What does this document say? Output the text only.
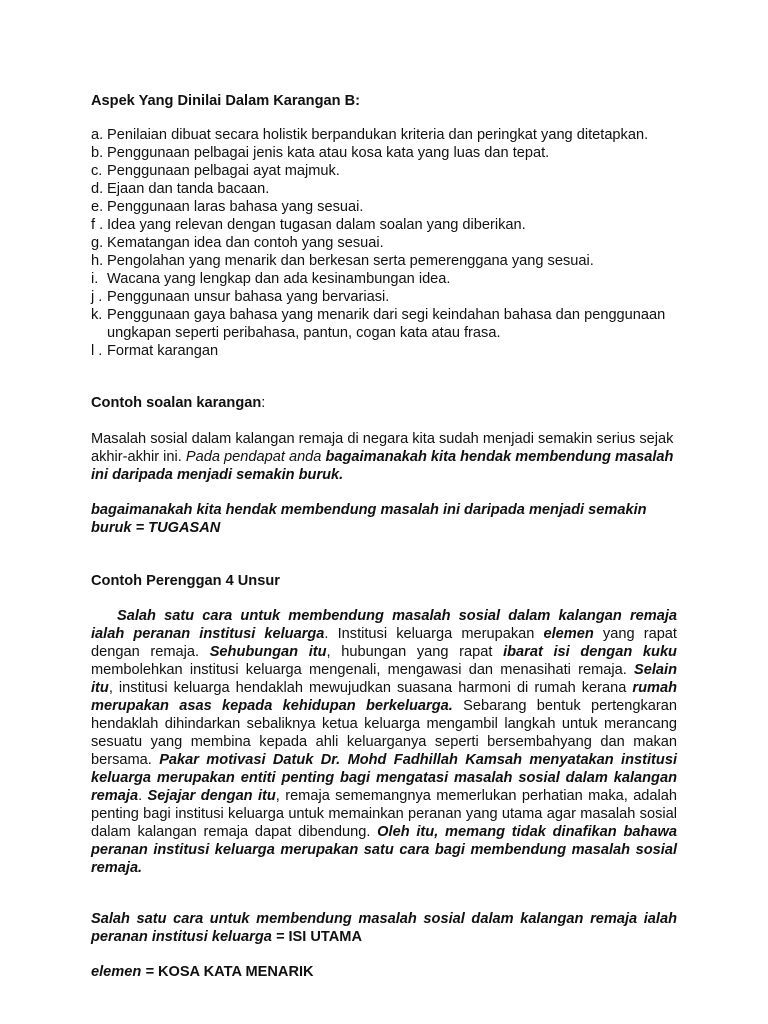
Aspek Yang Dinilai Dalam Karangan B:
a. Penilaian dibuat secara holistik berpandukan kriteria dan peringkat yang ditetapkan.
b. Penggunaan pelbagai jenis kata atau kosa kata yang luas dan tepat.
c. Penggunaan pelbagai ayat majmuk.
d. Ejaan dan tanda bacaan.
e. Penggunaan laras bahasa yang sesuai.
f . Idea yang relevan dengan tugasan dalam soalan yang diberikan.
g. Kematangan idea dan contoh yang sesuai.
h. Pengolahan yang menarik dan berkesan serta pemerenggana yang sesuai.
i. Wacana yang lengkap dan ada kesinambungan idea.
j . Penggunaan unsur bahasa yang bervariasi.
k. Penggunaan gaya bahasa yang menarik dari segi keindahan bahasa dan penggunaan ungkapan seperti peribahasa, pantun, cogan kata atau frasa.
l . Format karangan
Contoh soalan karangan:
Masalah sosial dalam kalangan remaja di negara kita sudah menjadi semakin serius sejak akhir-akhir ini. Pada pendapat anda bagaimanakah kita hendak membendung masalah ini daripada menjadi semakin buruk.
bagaimanakah kita hendak membendung masalah ini daripada menjadi semakin buruk = TUGASAN
Contoh Perenggan 4 Unsur
Salah satu cara untuk membendung masalah sosial dalam kalangan remaja ialah peranan institusi keluarga. Institusi keluarga merupakan elemen yang rapat dengan remaja. Sehubungan itu, hubungan yang rapat ibarat isi dengan kuku membolehkan institusi keluarga mengenali, mengawasi dan menasihati remaja. Selain itu, institusi keluarga hendaklah mewujudkan suasana harmoni di rumah kerana rumah merupakan asas kepada kehidupan berkeluarga. Sebarang bentuk pertengkaran hendaklah dihindarkan sebaliknya ketua keluarga mengambil langkah untuk merancang sesuatu yang membina kepada ahli keluarganya seperti bersembahyang dan makan bersama. Pakar motivasi Datuk Dr. Mohd Fadhillah Kamsah menyatakan institusi keluarga merupakan entiti penting bagi mengatasi masalah sosial dalam kalangan remaja. Sejajar dengan itu, remaja sememangnya memerlukan perhatian maka, adalah penting bagi institusi keluarga untuk memainkan peranan yang utama agar masalah sosial dalam kalangan remaja dapat dibendung. Oleh itu, memang tidak dinafikan bahawa peranan institusi keluarga merupakan satu cara bagi membendung masalah sosial remaja.
Salah satu cara untuk membendung masalah sosial dalam kalangan remaja ialah peranan institusi keluarga = ISI UTAMA
elemen = KOSA KATA MENARIK
